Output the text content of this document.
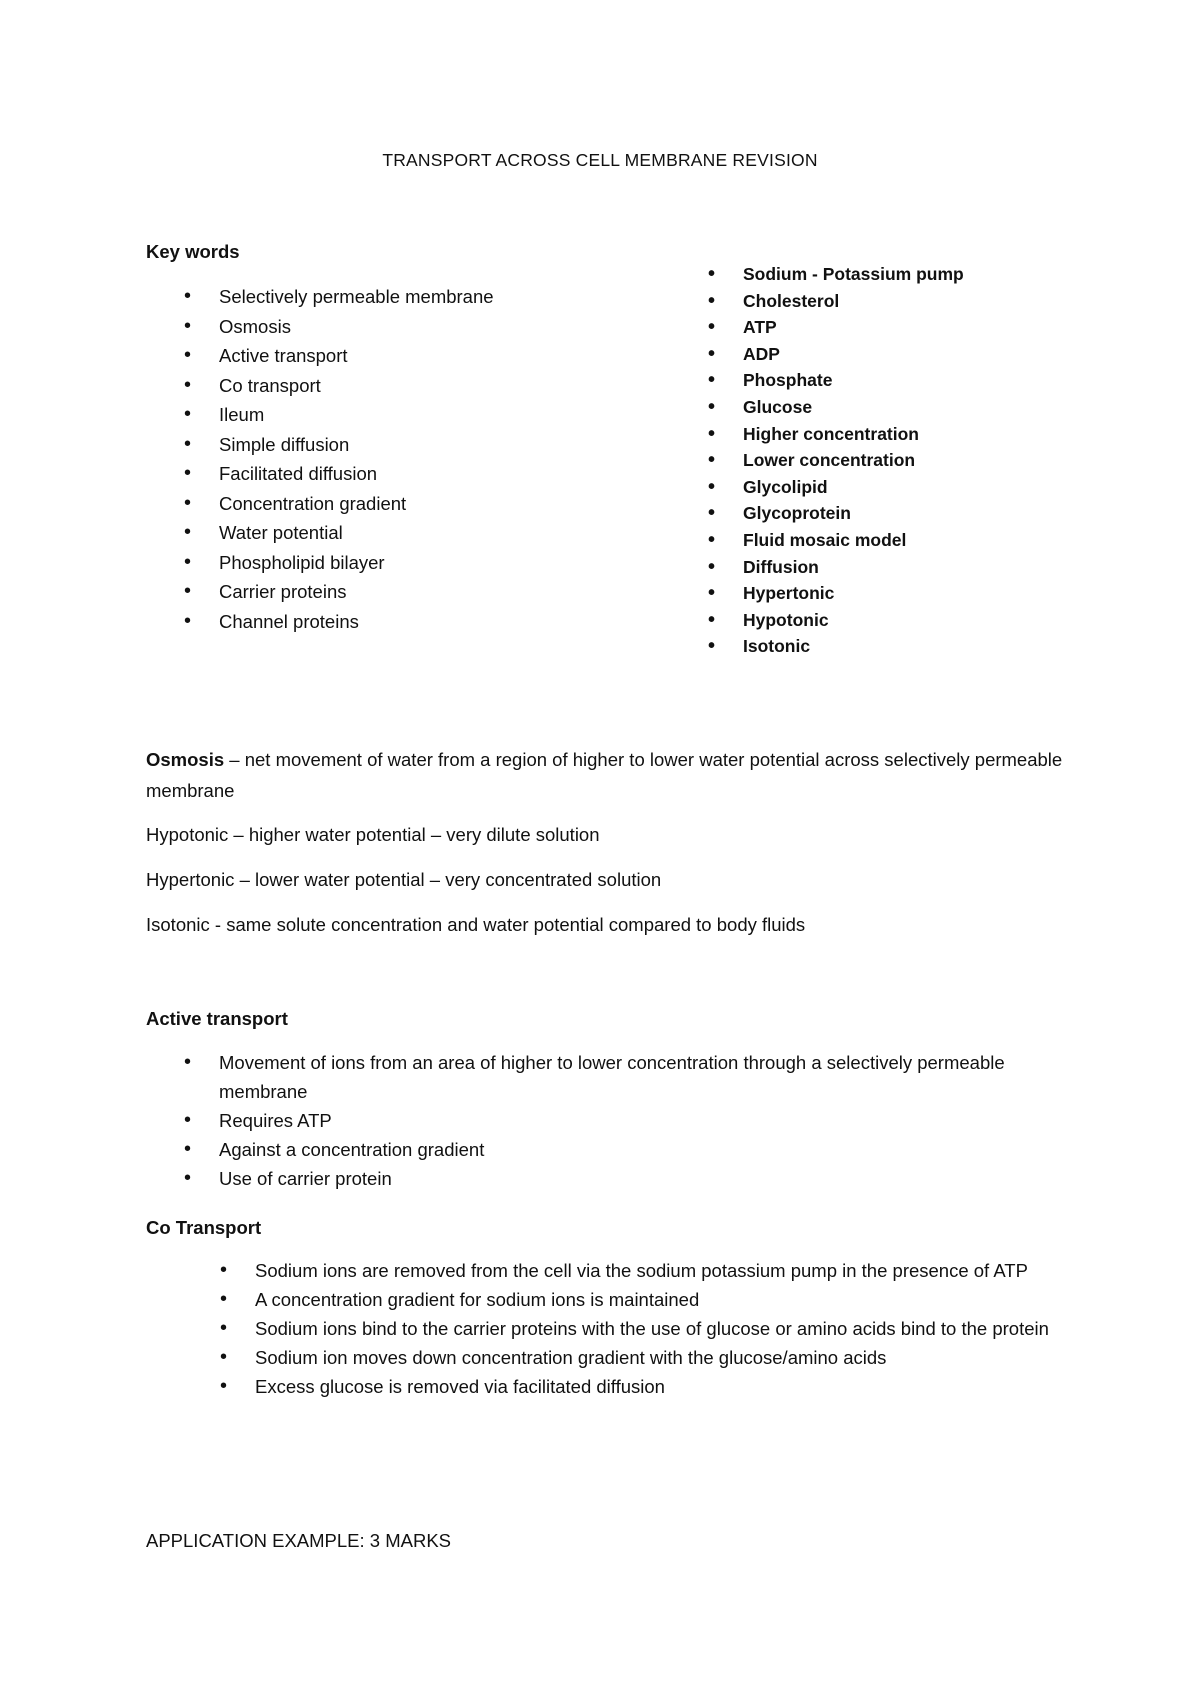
TRANSPORT ACROSS CELL MEMBRANE REVISION
Key words
• Selectively permeable membrane
• Osmosis
• Active transport
• Co transport
• Ileum
• Simple diffusion
• Facilitated diffusion
• Concentration gradient
• Water potential
• Phospholipid bilayer
• Carrier proteins
• Channel proteins
• Sodium - Potassium pump
• Cholesterol
• ATP
• ADP
• Phosphate
• Glucose
• Higher concentration
• Lower concentration
• Glycolipid
• Glycoprotein
• Fluid mosaic model
• Diffusion
• Hypertonic
• Hypotonic
• Isotonic

Osmosis – net movement of water from a region of higher to lower water potential across selectively permeable membrane

Hypotonic – higher water potential – very dilute solution

Hypertonic – lower water potential – very concentrated solution

Isotonic - same solute concentration and water potential compared to body fluids

Active transport
• Movement of ions from an area of higher to lower concentration through a selectively permeable membrane
• Requires ATP
• Against a concentration gradient
• Use of carrier protein
Co Transport
• Sodium ions are removed from the cell via the sodium potassium pump in the presence of ATP
• A concentration gradient for sodium ions is maintained
• Sodium ions bind to the carrier proteins with the use of glucose or amino acids bind to the protein
• Sodium ion moves down concentration gradient with the glucose/amino acids
• Excess glucose is removed via facilitated diffusion
APPLICATION EXAMPLE: 3 MARKS
